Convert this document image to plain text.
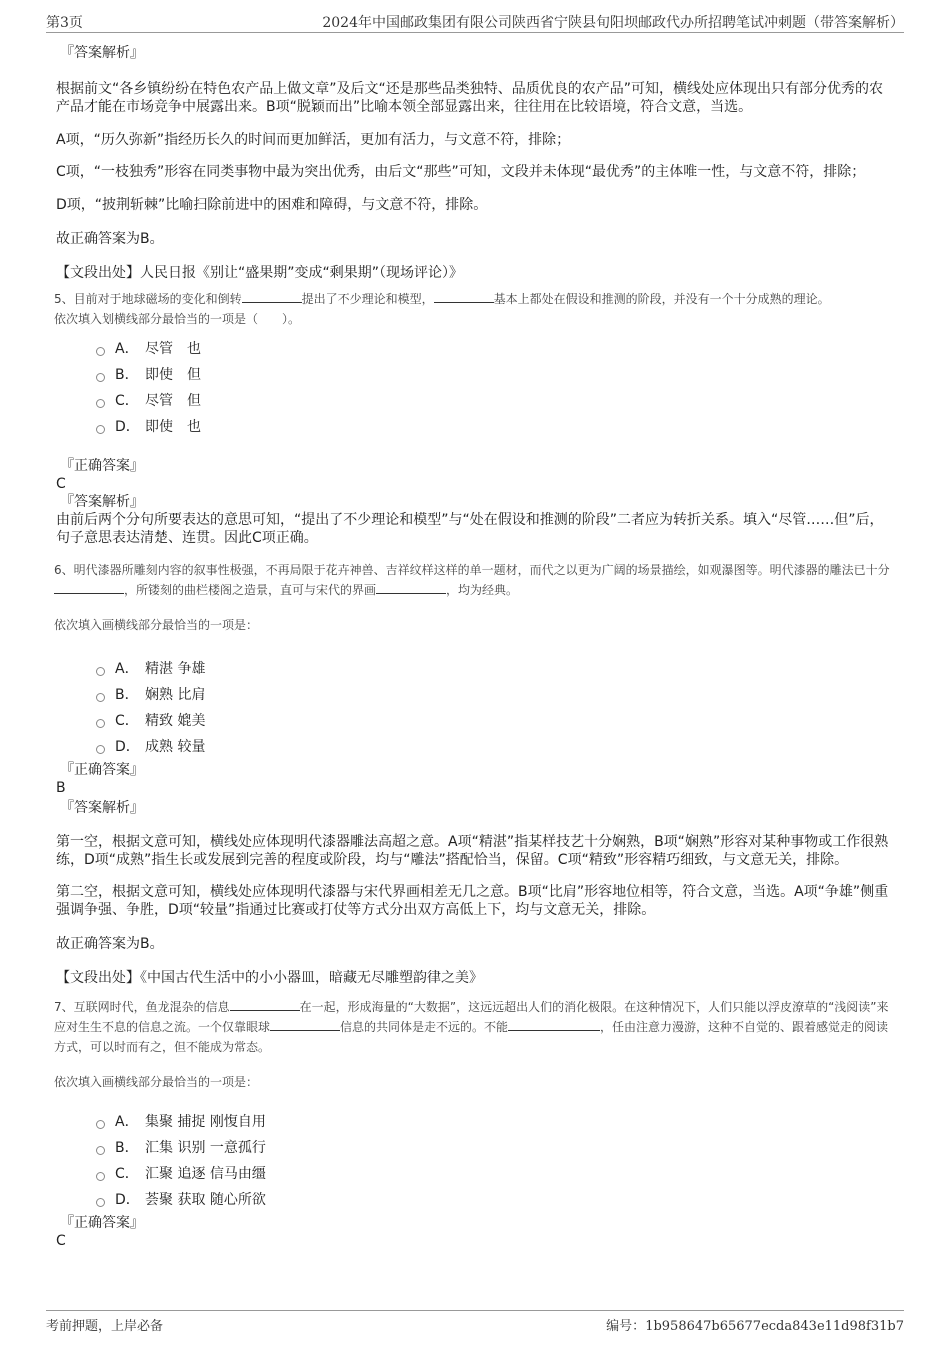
第3页	2024年中国邮政集团有限公司陕西省宁陕县旬阳坝邮政代办所招聘笔试冲刺题（带答案解析）
『答案解析』
根据前文“各乡镇纷纷在特色农产品上做文章”及后文“还是那些品类独特、品质优良的农产品”可知，横线处应体现出只有部分优秀的农产品才能在市场竞争中展露出来。B项“脱颖而出”比喻本领全部显露出来，往往用在比较语境，符合文意，当选。
A项，“历久弥新”指经历长久的时间而更加鲜活，更加有活力，与文意不符，排除；
C项，“一枝独秀”形容在同类事物中最为突出优秀，由后文“那些”可知，文段并未体现“最优秀”的主体唯一性，与文意不符，排除；
D项，“披荆斩棘”比喻扫除前进中的困难和障碍，与文意不符，排除。
故正确答案为B。
【文段出处】人民日报《别让“盛果期”变成“剩果期”（现场评论）》
5、目前对于地球磁场的变化和倒转	提出了不少理论和模型，	基本上都处在假设和推测的阶段，并没有一个十分成熟的理论。
依次填入划横线部分最恰当的一项是（　　）。
A． 尽管　也
B． 即使　但
C． 尽管　但
D． 即使　也
『正确答案』
C
『答案解析』
由前后两个分句所要表达的意思可知，“提出了不少理论和模型”与“处在假设和推测的阶段”二者应为转折关系。填入“尽管……但”后，句子意思表达清楚、连贯。因此C项正确。
6、明代漆器所雕刻内容的叙事性极强，不再局限于花卉神兽、吉祥纹样这样的单一题材，而代之以更为广阔的场景描绘，如观瀑图等。明代漆器的雕法已十分，所镂刻的曲栏楼阁之造景，直可与宋代的界画	，均为经典。
依次填入画横线部分最恰当的一项是：
A． 精湛 争雄
B． 娴熟 比肩
C． 精致 媲美
D． 成熟 较量
『正确答案』
B
『答案解析』
第一空，根据文意可知，横线处应体现明代漆器雕法高超之意。A项“精湛”指某样技艺十分娴熟，B项“娴熟”形容对某种事物或工作很熟练，D项“成熟”指生长或发展到完善的程度或阶段，均与“雕法”搭配恰当，保留。C项“精致”形容精巧细致，与文意无关，排除。
第二空，根据文意可知，横线处应体现明代漆器与宋代界画相差无几之意。B项“比肩”形容地位相等，符合文意，当选。A项“争雄”侧重强调争强、争胜，D项“较量”指通过比赛或打仗等方式分出双方高低上下，均与文意无关，排除。
故正确答案为B。
【文段出处】《中国古代生活中的小小器皿，暗藏无尽雕塑韵律之美》
7、互联网时代，鱼龙混杂的信息	在一起，形成海量的“大数据”，这远远超出人们的消化极限。在这种情况下，人们只能以浮皮潦草的“浅阅读”来应对生生不息的信息之流。一个仅靠眼球	信息的共同体是走不远的。不能	，任由注意力漫游，这种不自觉的、跟着感觉走的阅读方式，可以时而有之，但不能成为常态。
依次填入画横线部分最恰当的一项是：
A． 集聚 捕捉 刚愎自用
B． 汇集 识别 一意孤行
C． 汇聚 追逐 信马由缰
D． 荟聚 获取 随心所欲
『正确答案』
C
考前押题，上岸必备	编号：1b958647b65677ecda843e11d98f31b7
